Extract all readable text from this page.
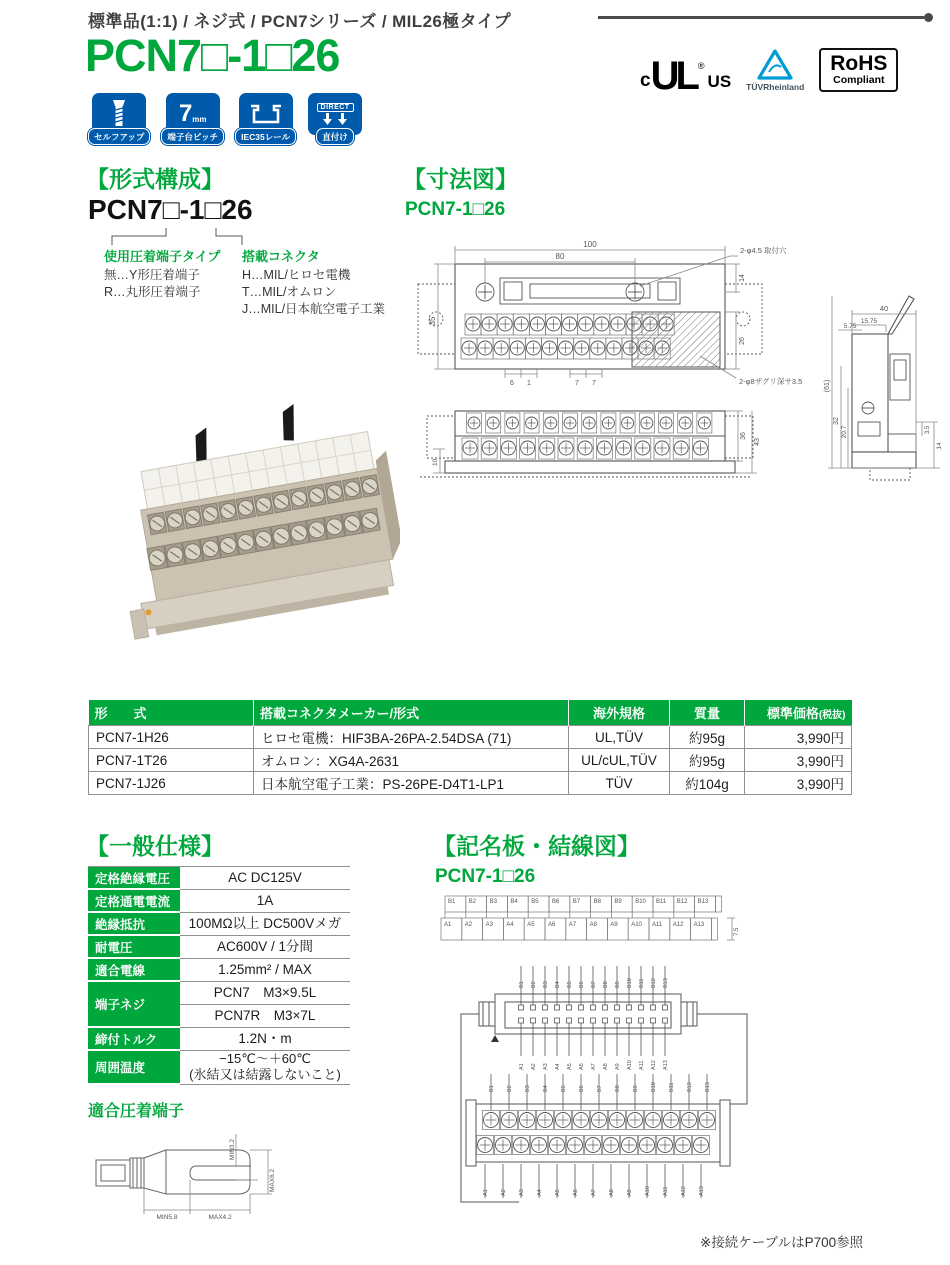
標準品(1:1) / ネジ式 / PCN7シリーズ / MIL26極タイプ
PCN7□-1□26	c UL ®
US TÜVRheinland
RoHS
Compliant
セルフアップ
7 mm
端子台ピッチ	IEC35レール
DIRECT
直付け
【形式構成】
PCN7□-1□26
使用圧着端子タイプ
無…Y形圧着端子
R…丸形圧着端子
搭載コネクタ
H…MIL/ヒロセ電機
T…MIL/オムロン
J…MIL/日本航空電子工業
【寸法図】
PCN7-1□26
100
80
35
14
26
2-φ4.5 取付穴
2-φ8ザグリ深サ3.5
6 1	7 7
10
36
43
40
15.75
5.75
(61)
32
20.7	3.5
14
形　　式	搭載コネクタメーカー/形式	海外規格	質量	標準価格(税抜)
PCN7-1H26	ヒロセ電機：HIF3BA-26PA-2.54DSA (71)	UL,TÜV	約95g	3,990円
PCN7-1T26	オムロン：XG4A-2631	UL/cUL,TÜV	約95g	3,990円
PCN7-1J26	日本航空電子工業：PS-26PE-D4T1-LP1	TÜV	約104g	3,990円
【一般仕様】
定格絶縁電圧	AC DC125V
定格通電電流	1A
絶縁抵抗	100MΩ以上 DC500Vメガ
耐電圧	AC600V / 1分間
適合電線	1.25mm² / MAX
端子ネジ
PCN7　M3×9.5L
PCN7R　M3×7L
締付トルク	1.2N・m
周囲温度
−15℃〜＋60℃
(氷結又は結露しないこと)
【記名板・結線図】
PCN7-1□26
B1 B2 B3 B4 B5 B6 B7 B8 B9 B10 B11 B12 B13
A1 A2 A3 A4 A5 A6 A7 A8 A9 A10 A11 A12 A13
7.5
B1 B2 B3 B4 B5 B6 B7 B8 B9 B10 B11 B12 B13
A1 A2 A3 A4 A5 A6 A7 A8 A9 A10 A11 A12 A13
B1 B2 B3 B4 B5 B6 B7 B8 B9 B10 B11 B12 B13
A1 A2 A3 A4 A5 A6 A7 A8 A9 A10 A11 A12 A13
適合圧着端子
MIN3.2
MAX6.2
MIN5.8	MAX4.2
※接続ケーブルはP700参照
